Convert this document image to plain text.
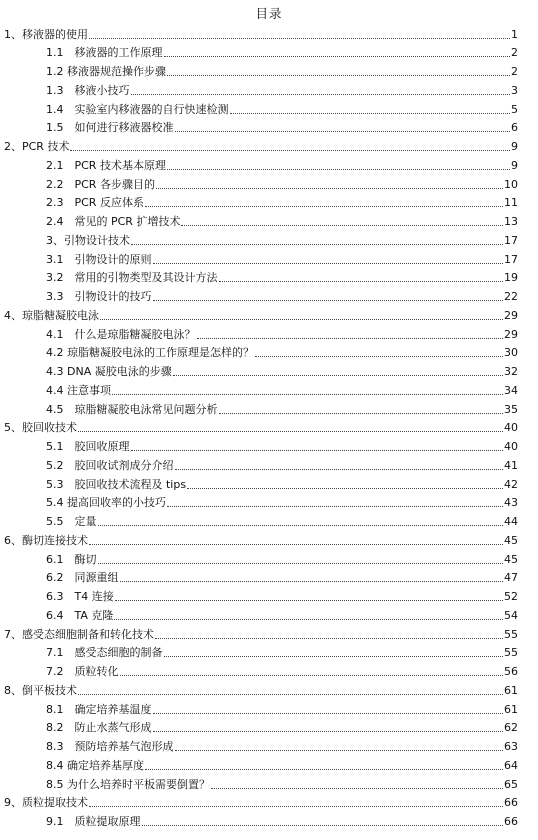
目录
1、移液器的使用	1
1.1　移液器的工作原理	2
1.2 移液器规范操作步骤	2
1.3　移液小技巧	3
1.4　实验室内移液器的自行快速检测	5
1.5　如何进行移液器校准	6
2、PCR 技术	9
2.1　PCR 技术基本原理	9
2.2　PCR 各步骤目的	10
2.3　PCR 反应体系	11
2.4　常见的 PCR 扩增技术	13
3、引物设计技术	17
3.1　引物设计的原则	17
3.2　常用的引物类型及其设计方法	19
3.3　引物设计的技巧	22
4、琼脂糖凝胶电泳	29
4.1　什么是琼脂糖凝胶电泳？	29
4.2 琼脂糖凝胶电泳的工作原理是怎样的？	30
4.3 DNA 凝胶电泳的步骤	32
4.4 注意事项	34
4.5　琼脂糖凝胶电泳常见问题分析	35
5、胶回收技术	40
5.1　胶回收原理	40
5.2　胶回收试剂成分介绍	41
5.3　胶回收技术流程及 tips	42
5.4 提高回收率的小技巧	43
5.5　定量	44
6、酶切连接技术	45
6.1　酶切	45
6.2　同源重组	47
6.3　T4 连接	52
6.4　TA 克隆	54
7、感受态细胞制备和转化技术	55
7.1　感受态细胞的制备	55
7.2　质粒转化	56
8、倒平板技术	61
8.1　确定培养基温度	61
8.2　防止水蒸气形成	62
8.3　预防培养基气泡形成	63
8.4 确定培养基厚度	64
8.5 为什么培养时平板需要倒置？	65
9、质粒提取技术	66
9.1　质粒提取原理	66
